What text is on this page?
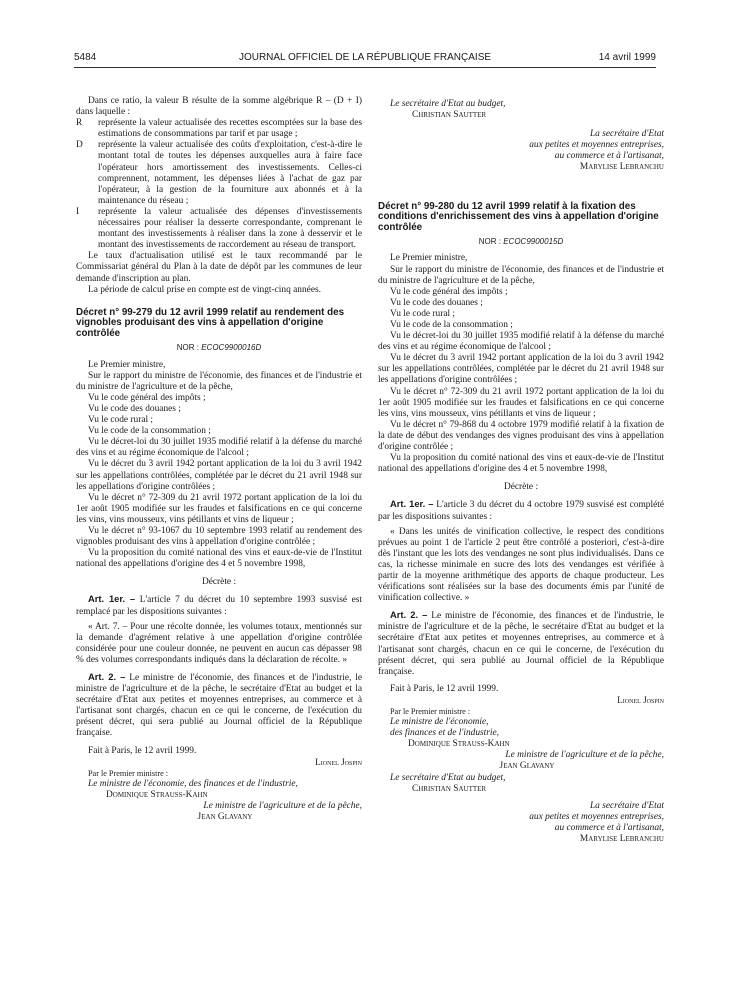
5484	JOURNAL OFFICIEL DE LA RÉPUBLIQUE FRANÇAISE	14 avril 1999

Dans ce ratio, la valeur B résulte de la somme algébrique R – (D + I) dans laquelle :

R	représente la valeur actualisée des recettes escomptées sur la base des estimations de consommations par tarif et par usage ;
D	représente la valeur actualisée des coûts d'exploitation, c'est-à-dire le montant total de toutes les dépenses auxquelles aura à faire face l'opérateur hors amortissement des investissements. Celles-ci comprennent, notamment, les dépenses liées à l'achat de gaz par l'opérateur, à la gestion de la fourniture aux abonnés et à la maintenance du réseau ;
I	représente la valeur actualisée des dépenses d'investissements nécessaires pour réaliser la desserte correspondante, comprenant le montant des investissements à réaliser dans la zone à desservir et le montant des investissements de raccordement au réseau de transport.

Le taux d'actualisation utilisé est le taux recommandé par le Commissariat général du Plan à la date de dépôt par les communes de leur demande d'inscription au plan.

La période de calcul prise en compte est de vingt-cinq années.

Décret n° 99-279 du 12 avril 1999 relatif au rendement des vignobles produisant des vins à appellation d'origine contrôlée
NOR : ECOC9900016D

Le Premier ministre,

Sur le rapport du ministre de l'économie, des finances et de l'industrie et du ministre de l'agriculture et de la pêche,

Vu le code général des impôts ;

Vu le code des douanes ;

Vu le code rural ;

Vu le code de la consommation ;

Vu le décret-loi du 30 juillet 1935 modifié relatif à la défense du marché des vins et au régime économique de l'alcool ;

Vu le décret du 3 avril 1942 portant application de la loi du 3 avril 1942 sur les appellations contrôlées, complétée par le décret du 21 avril 1948 sur les appellations d'origine contrôlées ;

Vu le décret n° 72-309 du 21 avril 1972 portant application de la loi du 1er août 1905 modifiée sur les fraudes et falsifications en ce qui concerne les vins, vins mousseux, vins pétillants et vins de liqueur ;

Vu le décret n° 93-1067 du 10 septembre 1993 relatif au rendement des vignobles produisant des vins à appellation d'origine contrôlée ;

Vu la proposition du comité national des vins et eaux-de-vie de l'Institut national des appellations d'origine des 4 et 5 novembre 1998,

Décrète :

Art. 1er. – L'article 7 du décret du 10 septembre 1993 susvisé est remplacé par les dispositions suivantes :

« Art. 7. – Pour une récolte donnée, les volumes totaux, mentionnés sur la demande d'agrément relative à une appellation d'origine contrôlée considérée pour une couleur donnée, ne peuvent en aucun cas dépasser 98 % des volumes correspondants indiqués dans la déclaration de récolte. »

Art. 2. – Le ministre de l'économie, des finances et de l'industrie, le ministre de l'agriculture et de la pêche, le secrétaire d'Etat au budget et la secrétaire d'Etat aux petites et moyennes entreprises, au commerce et à l'artisanat sont chargés, chacun en ce qui le concerne, de l'exécution du présent décret, qui sera publié au Journal officiel de la République française.

Fait à Paris, le 12 avril 1999.

Lionel Jospin

Par le Premier ministre :

Le ministre de l'économie, des finances et de l'industrie,

Dominique Strauss-Kahn

Le ministre de l'agriculture et de la pêche,

Jean Glavany

Le secrétaire d'Etat au budget,

Christian Sautter

La secrétaire d'Etat

aux petites et moyennes entreprises,

au commerce et à l'artisanat,

Marylise Lebranchu

Décret n° 99-280 du 12 avril 1999 relatif à la fixation des conditions d'enrichissement des vins à appellation d'origine contrôlée
NOR : ECOC9900015D

Le Premier ministre,

Sur le rapport du ministre de l'économie, des finances et de l'industrie et du ministre de l'agriculture et de la pêche,

Vu le code général des impôts ;

Vu le code des douanes ;

Vu le code rural ;

Vu le code de la consommation ;

Vu le décret-loi du 30 juillet 1935 modifié relatif à la défense du marché des vins et au régime économique de l'alcool ;

Vu le décret du 3 avril 1942 portant application de la loi du 3 avril 1942 sur les appellations contrôlées, complétée par le décret du 21 avril 1948 sur les appellations d'origine contrôlées ;

Vu le décret n° 72-309 du 21 avril 1972 portant application de la loi du 1er août 1905 modifiée sur les fraudes et falsifications en ce qui concerne les vins, vins mousseux, vins pétillants et vins de liqueur ;

Vu le décret n° 79-868 du 4 octobre 1979 modifié relatif à la fixation de la date de début des vendanges des vignes produisant des vins à appellation d'origine contrôlée ;

Vu la proposition du comité national des vins et eaux-de-vie de l'Institut national des appellations d'origine des 4 et 5 novembre 1998,

Décrète :

Art. 1er. – L'article 3 du décret du 4 octobre 1979 susvisé est complété par les dispositions suivantes :

« Dans les unités de vinification collective, le respect des conditions prévues au point 1 de l'article 2 peut être contrôlé a posteriori, c'est-à-dire dès l'instant que les lots des vendanges ne sont plus individualisés. Dans ce cas, la richesse minimale en sucre des lots des vendanges est vérifiée à partir de la moyenne arithmétique des apports de chaque producteur. Les vérifications sont réalisées sur la base des documents émis par l'unité de vinification collective. »

Art. 2. – Le ministre de l'économie, des finances et de l'industrie, le ministre de l'agriculture et de la pêche, le secrétaire d'Etat au budget et la secrétaire d'Etat aux petites et moyennes entreprises, au commerce et à l'artisanat sont chargés, chacun en ce qui le concerne, de l'exécution du présent décret, qui sera publié au Journal officiel de la République française.

Fait à Paris, le 12 avril 1999.

Lionel Jospin

Par le Premier ministre :

Le ministre de l'économie,

des finances et de l'industrie,

Dominique Strauss-Kahn

Le ministre de l'agriculture et de la pêche,

Jean Glavany

Le secrétaire d'Etat au budget,

Christian Sautter

La secrétaire d'Etat

aux petites et moyennes entreprises,

au commerce et à l'artisanat,

Marylise Lebranchu
